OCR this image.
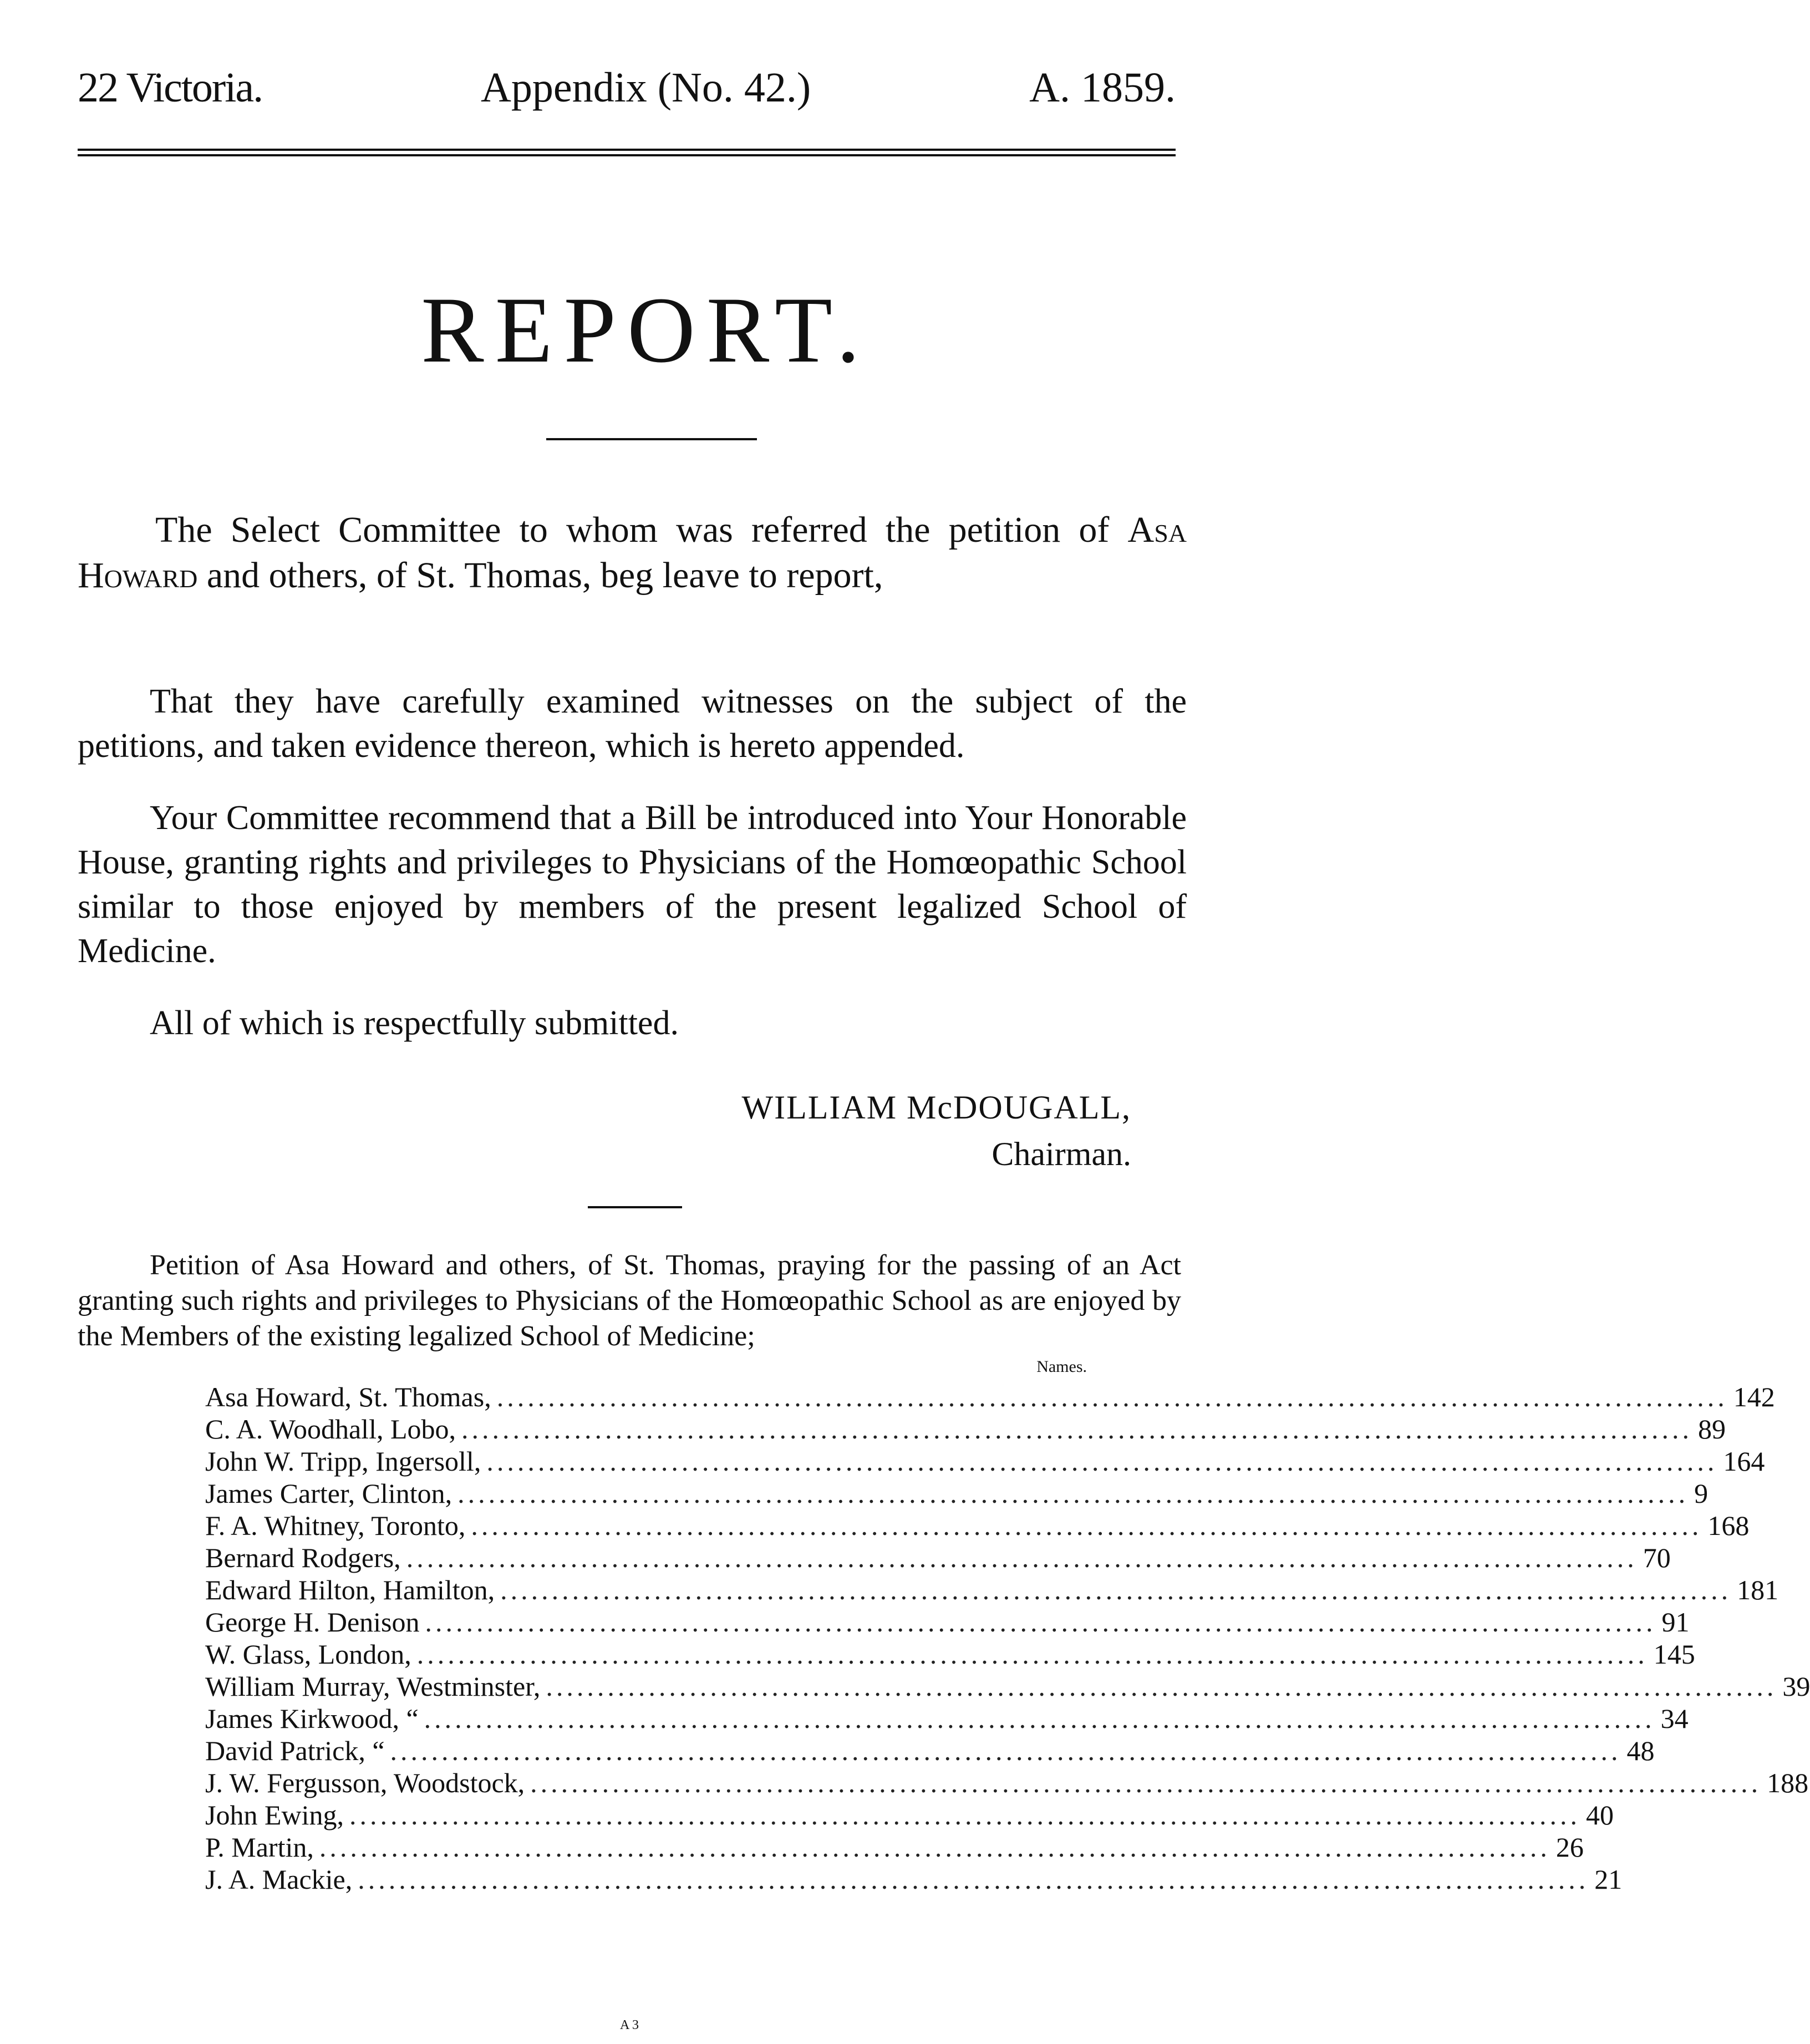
22 Victoria.	Appendix (No. 42.)	A. 1859.
REPORT.

The Select Committee to whom was referred the petition of Asa Howard and others, of St. Thomas, beg leave to report,

That they have carefully examined witnesses on the subject of the petitions, and taken evidence thereon, which is hereto appended.

Your Committee recommend that a Bill be introduced into Your Honorable House, granting rights and privileges to Physicians of the Homœopathic School similar to those enjoyed by members of the present legalized School of Medicine.

All of which is respectfully submitted.

WILLIAM McDOUGALL,
Chairman.

Petition of Asa Howard and others, of St. Thomas, praying for the passing of an Act granting such rights and privileges to Physicians of the Homœopathic School as are enjoyed by the Members of the existing legalized School of Medicine;

Names.
Asa Howard, St. Thomas, ........................................................................................................................ 142
C. A. Woodhall, Lobo, ........................................................................................................................ 89
John W. Tripp, Ingersoll, ........................................................................................................................ 164
James Carter, Clinton, ........................................................................................................................ 9
F. A. Whitney, Toronto, ........................................................................................................................ 168
Bernard Rodgers, ........................................................................................................................ 70
Edward Hilton, Hamilton, ........................................................................................................................ 181
George H. Denison ........................................................................................................................ 91
W. Glass, London, ........................................................................................................................ 145
William Murray, Westminster, ........................................................................................................................ 39
James Kirkwood, “ ........................................................................................................................ 34
David Patrick, “ ........................................................................................................................ 48
J. W. Fergusson, Woodstock, ........................................................................................................................ 188
John Ewing, ........................................................................................................................ 40
P. Martin, ........................................................................................................................ 26
J. A. Mackie, ........................................................................................................................ 21
A 3
